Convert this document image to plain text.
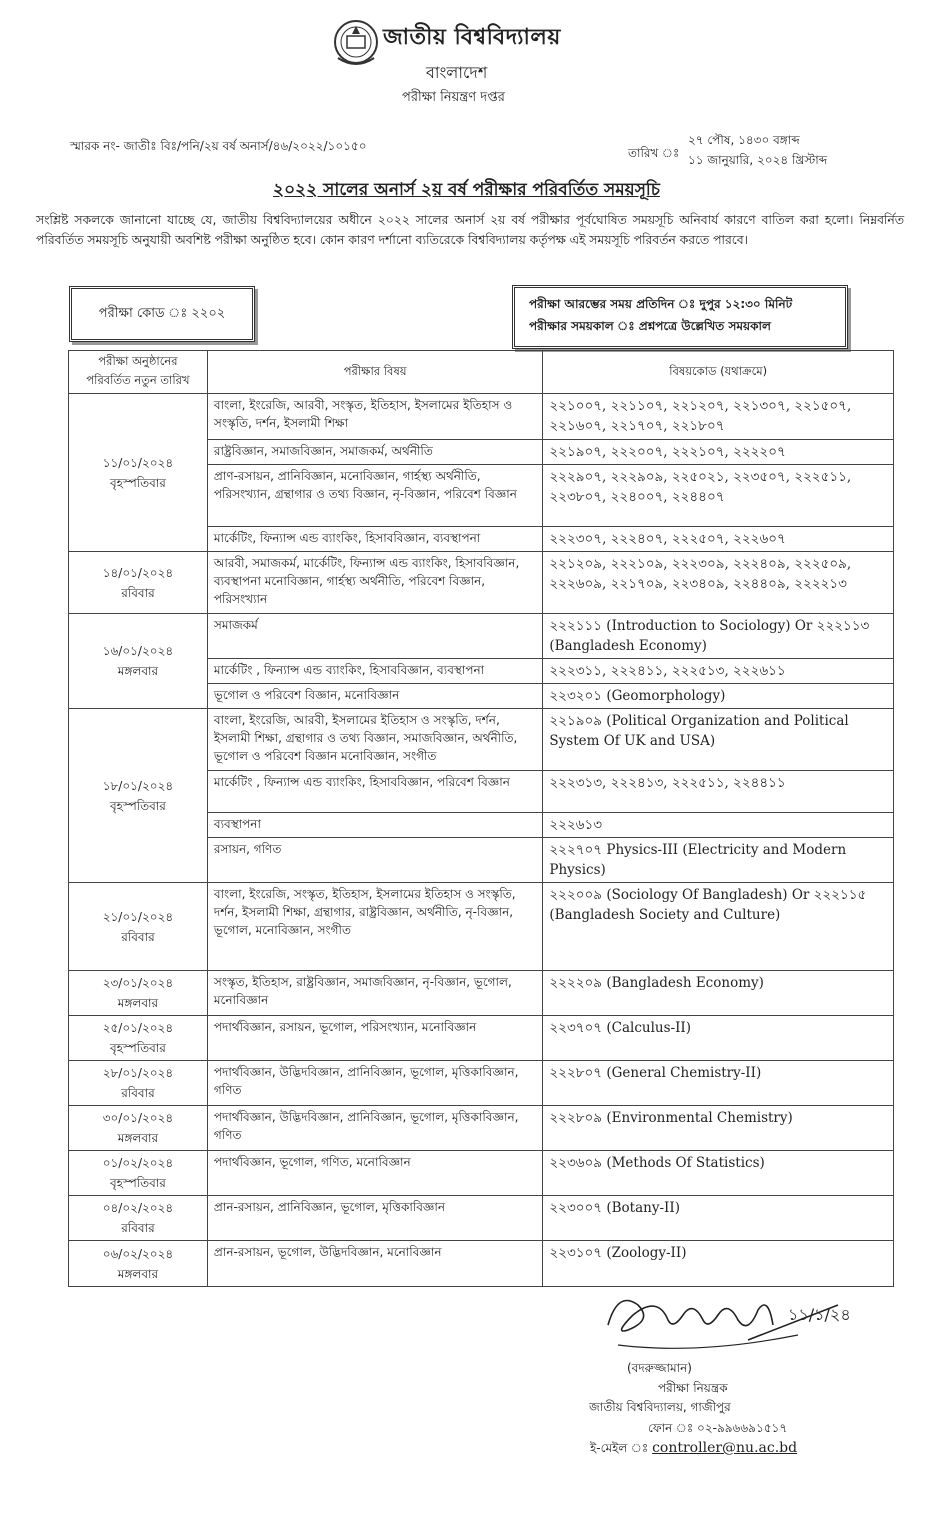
জাতীয় বিশ্ববিদ্যালয়
বাংলাদেশ
পরীক্ষা নিয়ন্ত্রণ দপ্তর
স্মারক নং- জাতীঃ বিঃ/পনি/২য় বর্ষ অনার্স/৪৬/২০২২/১০১৫০	তারিখ ঃ
২৭ পৌষ, ১৪৩০ বঙ্গাব্দ
১১ জানুয়ারি, ২০২৪ খ্রিস্টাব্দ
২০২২ সালের অনার্স ২য় বর্ষ পরীক্ষার পরিবর্তিত সময়সূচি
সংশ্লিষ্ট সকলকে জানানো যাচ্ছে যে, জাতীয় বিশ্ববিদ্যালয়ের অধীনে ২০২২ সালের অনার্স ২য় বর্ষ পরীক্ষার পূর্বঘোষিত সময়সূচি অনিবার্য কারণে বাতিল করা হলো। নিম্নবর্নিত পরিবর্তিত সময়সূচি অনুযায়ী অবশিষ্ট পরীক্ষা অনুষ্ঠিত হবে। কোন কারণ দর্শানো ব্যতিরেকে বিশ্ববিদ্যালয় কর্তৃপক্ষ এই সময়সূচি পরিবর্তন করতে পারবে।
পরীক্ষা কোড ঃ ২২০২
পরীক্ষা আরম্ভের সময় প্রতিদিন ঃ দুপুর ১২:৩০ মিনিট
পরীক্ষার সময়কাল ঃ প্রশ্নপত্রে উল্লেখিত সময়কাল
পরীক্ষা অনুষ্ঠানের পরিবর্তিত নতুন তারিখ	পরীক্ষার বিষয়	বিষয়কোড (যথাক্রমে)

১১/০১/২০২৪
বৃহস্পতিবার	বাংলা, ইংরেজি, আরবী, সংস্কৃত, ইতিহাস, ইসলামের ইতিহাস ও সংস্কৃতি, দর্শন, ইসলামী শিক্ষা	২২১০০৭, ২২১১০৭, ২২১২০৭, ২২১৩০৭, ২২১৫০৭, ২২১৬০৭, ২২১৭০৭, ২২১৮০৭
	রাষ্ট্রবিজ্ঞান, সমাজবিজ্ঞান, সমাজকর্ম, অর্থনীতি	২২১৯০৭, ২২২০০৭, ২২২১০৭, ২২২২০৭
	প্রাণ-রসায়ন, প্রানিবিজ্ঞান, মনোবিজ্ঞান, গার্হস্থ্য অর্থনীতি, পরিসংখ্যান, গ্রন্থাগার ও তথ্য বিজ্ঞান, নৃ-বিজ্ঞান, পরিবেশ বিজ্ঞান	২২২৯০৭, ২২২৯০৯, ২২৫০২১, ২২৩৫০৭, ২২২৫১১, ২২৩৮০৭, ২২৪০০৭, ২২৪৪০৭
	মার্কেটিং, ফিন্যান্স এন্ড ব্যাংকিং, হিসাববিজ্ঞান, ব্যবস্থাপনা	২২২৩০৭, ২২২৪০৭, ২২২৫০৭, ২২২৬০৭

১৪/০১/২০২৪
রবিবার	আরবী, সমাজকর্ম, মার্কেটিং, ফিন্যান্স এন্ড ব্যাংকিং, হিসাববিজ্ঞান, ব্যবস্থাপনা মনোবিজ্ঞান, গার্হস্থ্য অর্থনীতি, পরিবেশ বিজ্ঞান, পরিসংখ্যান	২২১২০৯, ২২২১০৯, ২২২৩০৯, ২২২৪০৯, ২২২৫০৯, ২২২৬০৯, ২২১৭০৯, ২২৩৪০৯, ২২৪৪০৯, ২২২২১৩

১৬/০১/২০২৪
মঙ্গলবার	সমাজকর্ম	২২২১১১ (Introduction to Sociology) Or ২২২১১৩ (Bangladesh Economy)
	মার্কেটিং , ফিন্যান্স এন্ড ব্যাংকিং, হিসাববিজ্ঞান, ব্যবস্থাপনা	২২২৩১১, ২২২৪১১, ২২২৫১৩, ২২২৬১১
	ভূগোল ও পরিবেশ বিজ্ঞান, মনোবিজ্ঞান	২২৩২০১ (Geomorphology)

১৮/০১/২০২৪
বৃহস্পতিবার	বাংলা, ইংরেজি, আরবী, ইসলামের ইতিহাস ও সংস্কৃতি, দর্শন, ইসলামী শিক্ষা, গ্রন্থাগার ও তথ্য বিজ্ঞান, সমাজবিজ্ঞান, অর্থনীতি, ভূগোল ও পরিবেশ বিজ্ঞান মনোবিজ্ঞান, সংগীত	২২১৯০৯ (Political Organization and Political System Of UK and USA)
	মার্কেটিং , ফিন্যান্স এন্ড ব্যাংকিং, হিসাববিজ্ঞান, পরিবেশ বিজ্ঞান	২২২৩১৩, ২২২৪১৩, ২২২৫১১, ২২৪৪১১
	ব্যবস্থাপনা	২২২৬১৩
	রসায়ন, গণিত	২২২৭০৭ Physics-III (Electricity and Modern Physics)

২১/০১/২০২৪
রবিবার	বাংলা, ইংরেজি, সংস্কৃত, ইতিহাস, ইসলামের ইতিহাস ও সংস্কৃতি, দর্শন, ইসলামী শিক্ষা, গ্রন্থাগার, রাষ্ট্রবিজ্ঞান, অর্থনীতি, নৃ-বিজ্ঞান, ভূগোল, মনোবিজ্ঞান, সংগীত	২২২০০৯ (Sociology Of Bangladesh) Or ২২২১১৫ (Bangladesh Society and Culture)

২৩/০১/২০২৪
মঙ্গলবার	সংস্কৃত, ইতিহাস, রাষ্ট্রবিজ্ঞান, সমাজবিজ্ঞান, নৃ-বিজ্ঞান, ভূগোল, মনোবিজ্ঞান	২২২২০৯ (Bangladesh Economy)

২৫/০১/২০২৪
বৃহস্পতিবার	পদার্থবিজ্ঞান, রসায়ন, ভূগোল, পরিসংখ্যান, মনোবিজ্ঞান	২২৩৭০৭ (Calculus-II)

২৮/০১/২০২৪
রবিবার	পদার্থবিজ্ঞান, উদ্ভিদবিজ্ঞান, প্রানিবিজ্ঞান, ভূগোল, মৃত্তিকাবিজ্ঞান, গণিত	২২২৮০৭ (General Chemistry-II)

৩০/০১/২০২৪
মঙ্গলবার	পদার্থবিজ্ঞান, উদ্ভিদবিজ্ঞান, প্রানিবিজ্ঞান, ভূগোল, মৃত্তিকাবিজ্ঞান, গণিত	২২২৮০৯ (Environmental Chemistry)

০১/০২/২০২৪
বৃহস্পতিবার	পদার্থবিজ্ঞান, ভূগোল, গণিত, মনোবিজ্ঞান	২২৩৬০৯ (Methods Of Statistics)

০৪/০২/২০২৪
রবিবার	প্রান-রসায়ন, প্রানিবিজ্ঞান, ভূগোল, মৃত্তিকাবিজ্ঞান	২২৩০০৭ (Botany-II)

০৬/০২/২০২৪
মঙ্গলবার	প্রান-রসায়ন, ভূগোল, উদ্ভিদবিজ্ঞান, মনোবিজ্ঞান	২২৩১০৭ (Zoology-II)
১১/১/২৪
(বদরুজ্জামান)
পরীক্ষা নিয়ন্ত্রক
জাতীয় বিশ্ববিদ্যালয়, গাজীপুর
ফোন ঃ ০২-৯৯৬৬৯১৫১৭
ই-মেইল ঃ controller@nu.ac.bd
